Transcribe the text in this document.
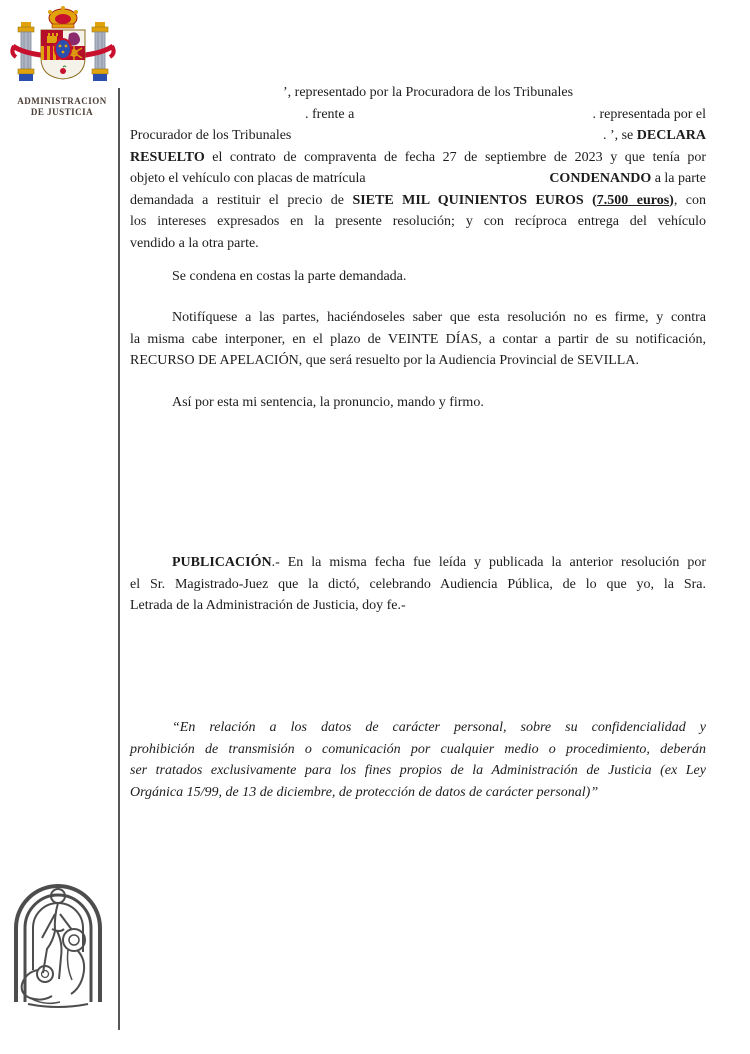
ADMINISTRACION
DE JUSTICIA
’, representado por la Procuradora de los Tribunales
. frente a	. representada por el
Procurador de los Tribunales	. ’, se DECLARA
RESUELTO el contrato de compraventa de fecha 27 de septiembre de 2023 y que tenía por
objeto el vehículo con placas de matrícula	CONDENANDO a la parte
demandada a restituir el precio de SIETE MIL QUINIENTOS EUROS (7.500 euros), con
los intereses expresados en la presente resolución; y con recíproca entrega del vehículo
vendido a la otra parte.
Se condena en costas la parte demandada.
Notifíquese a las partes, haciéndoseles saber que esta resolución no es firme, y contra
la misma cabe interponer, en el plazo de VEINTE DÍAS, a contar a partir de su notificación,
RECURSO DE APELACIÓN, que será resuelto por la Audiencia Provincial de SEVILLA.
Así por esta mi sentencia, la pronuncio, mando y firmo.
PUBLICACIÓN.- En la misma fecha fue leída y publicada la anterior resolución por
el Sr. Magistrado-Juez que la dictó, celebrando Audiencia Pública, de lo que yo, la Sra.
Letrada de la Administración de Justicia, doy fe.-
“En relación a los datos de carácter personal, sobre su confidencialidad y
prohibición de transmisión o comunicación por cualquier medio o procedimiento, deberán
ser tratados exclusivamente para los fines propios de la Administración de Justicia (ex Ley
Orgánica 15/99, de 13 de diciembre, de protección de datos de carácter personal)”
